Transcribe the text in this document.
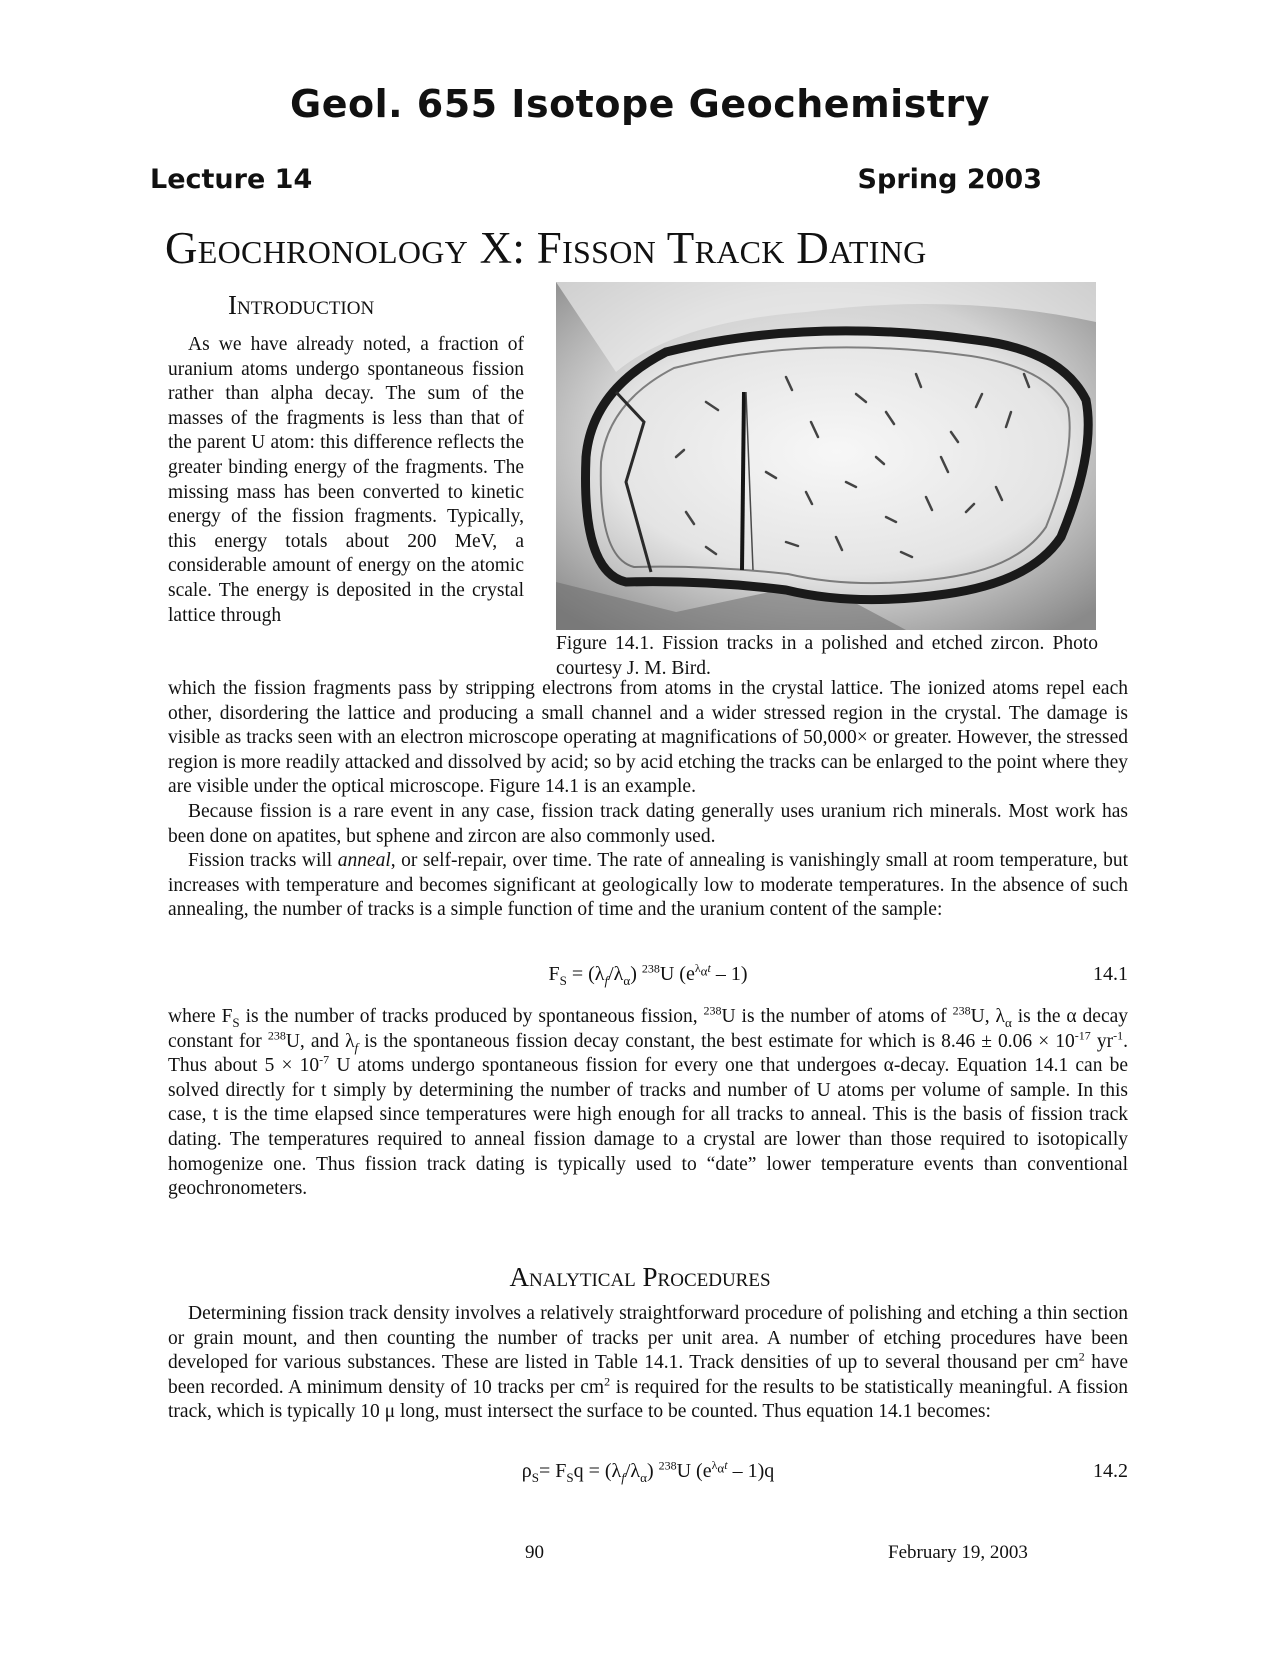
Geol. 655 Isotope Geochemistry
Lecture 14	Spring 2003
Geochronology X: Fisson Track Dating
Introduction

As we have already noted, a fraction of uranium atoms undergo spontaneous fission rather than alpha decay. The sum of the masses of the fragments is less than that of the parent U atom: this difference reflects the greater binding energy of the fragments. The missing mass has been converted to kinetic energy of the fission fragments. Typically, this energy totals about 200 MeV, a considerable amount of energy on the atomic scale. The energy is deposited in the crystal lattice through

Figure 14.1. Fission tracks in a polished and etched zircon. Photo courtesy J. M. Bird.

which the fission fragments pass by stripping electrons from atoms in the crystal lattice. The ionized atoms repel each other, disordering the lattice and producing a small channel and a wider stressed region in the crystal. The damage is visible as tracks seen with an electron microscope operating at magnifications of 50,000× or greater. However, the stressed region is more readily attacked and dissolved by acid; so by acid etching the tracks can be enlarged to the point where they are visible under the optical microscope. Figure 14.1 is an example.

Because fission is a rare event in any case, fission track dating generally uses uranium rich minerals. Most work has been done on apatites, but sphene and zircon are also commonly used.

Fission tracks will anneal, or self-repair, over time. The rate of annealing is vanishingly small at room temperature, but increases with temperature and becomes significant at geologically low to moderate temperatures. In the absence of such annealing, the number of tracks is a simple function of time and the uranium content of the sample:

$F_S = (\lambda_f/\lambda_\alpha)$ $^{238}$U $(e^{\lambda_\alpha t} - 1)$	14.1

where $F_S$ is the number of tracks produced by spontaneous fission, $^{238}$U is the number of atoms of $^{238}$U, $\lambda_\alpha$ is the α decay constant for $^{238}$U, and $\lambda_f$ is the spontaneous fission decay constant, the best estimate for which is $8.46 \pm 0.06 \times 10^{-17}$ $yr^{-1}$. Thus about $5 \times 10^{-7}$ U atoms undergo spontaneous fission for every one that undergoes α-decay. Equation 14.1 can be solved directly for t simply by determining the number of tracks and number of U atoms per volume of sample. In this case, t is the time elapsed since temperatures were high enough for all tracks to anneal. This is the basis of fission track dating. The temperatures required to anneal fission damage to a crystal are lower than those required to isotopically homogenize one. Thus fission track dating is typically used to “date” lower temperature events than conventional geochronometers.

Analytical Procedures

Determining fission track density involves a relatively straightforward procedure of polishing and etching a thin section or grain mount, and then counting the number of tracks per unit area. A number of etching procedures have been developed for various substances. These are listed in Table 14.1. Track densities of up to several thousand per $cm^2$ have been recorded. A minimum density of 10 tracks per $cm^2$ is required for the results to be statistically meaningful. A fission track, which is typically 10 μ long, must intersect the surface to be counted. Thus equation 14.1 becomes:

$\rho_S= F_Sq = (\lambda_f/\lambda_\alpha)$ $^{238}$U $(e^{\lambda_\alpha t} - 1)q$	14.2
90	February 19, 2003
